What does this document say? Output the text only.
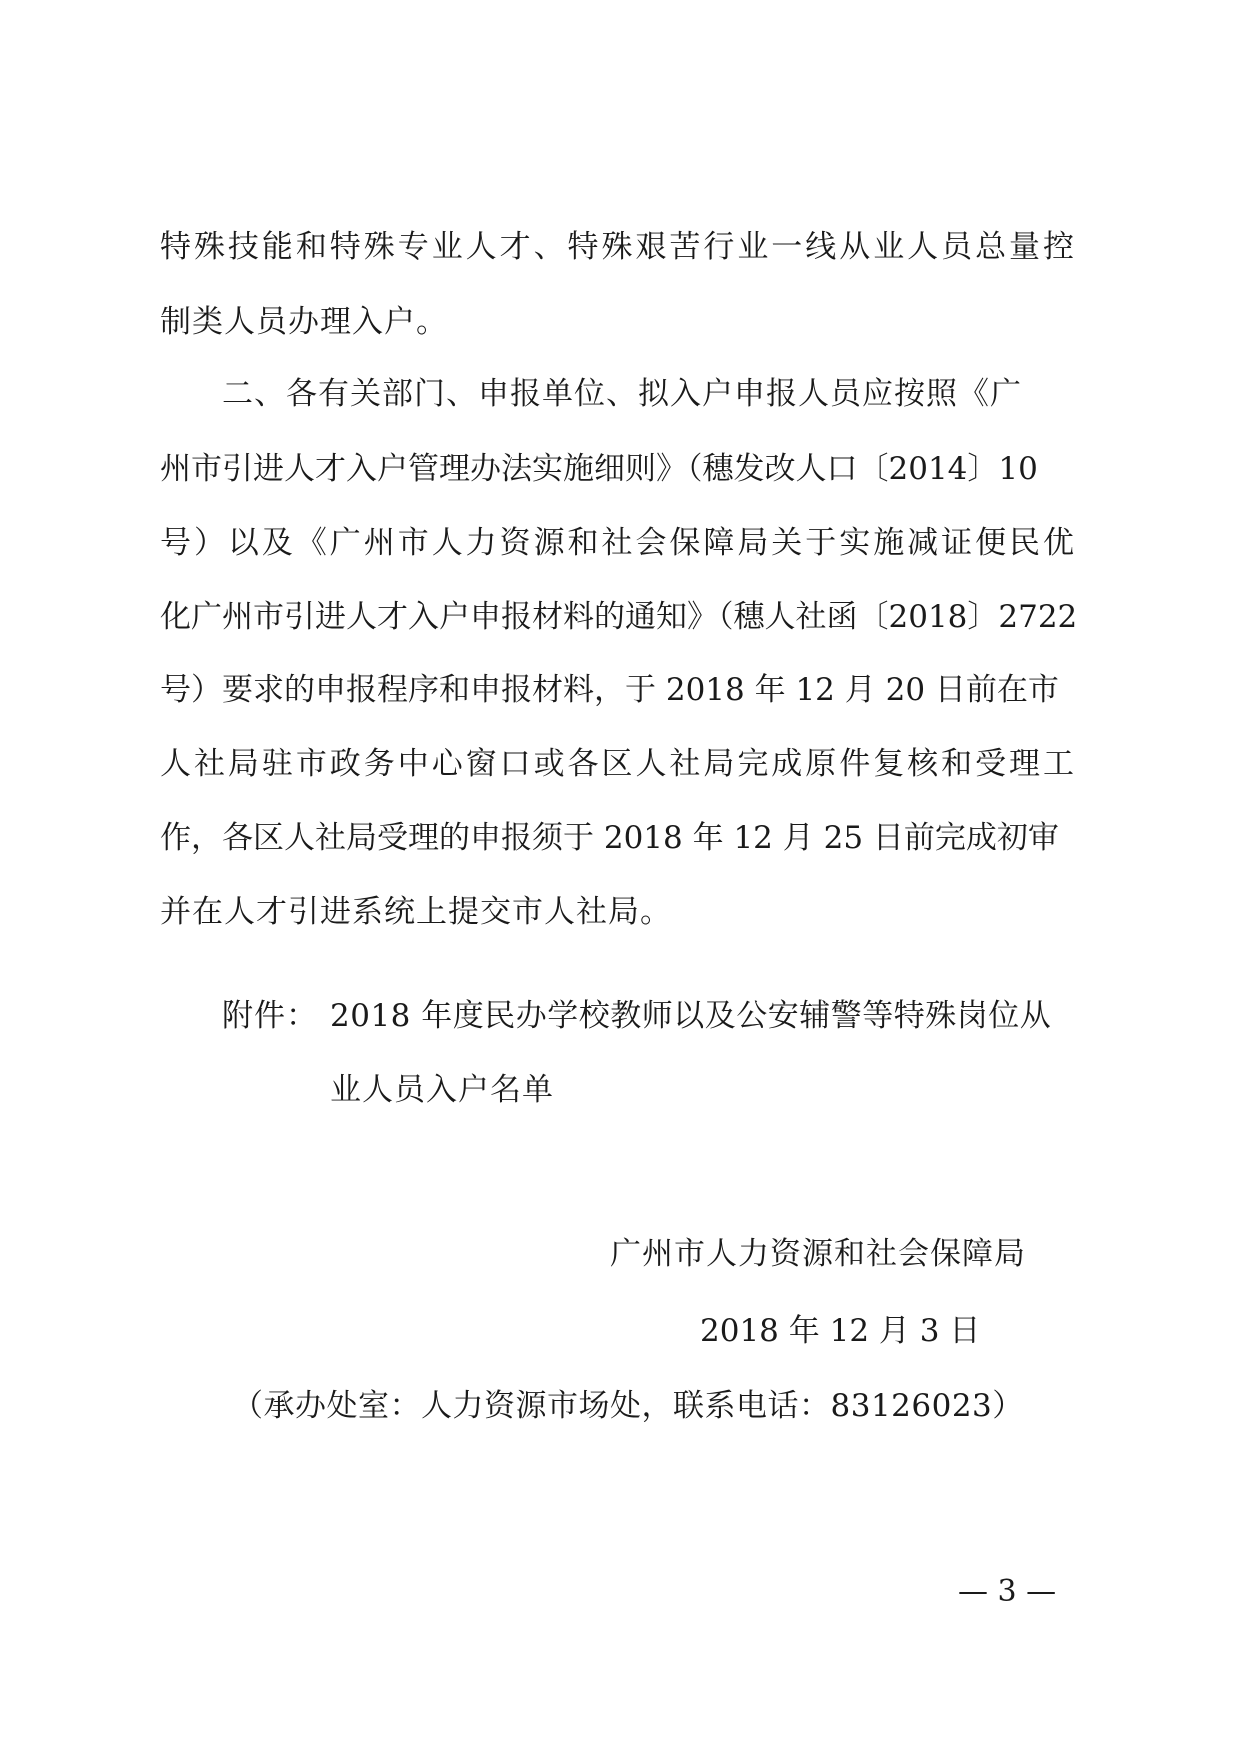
特殊技能和特殊专业人才、特殊艰苦行业一线从业人员总量控
制类人员办理入户。
二、各有关部门、申报单位、拟入户申报人员应按照《广
州市引进人才入户管理办法实施细则》（穗发改人口〔2014〕10
号）以及《广州市人力资源和社会保障局关于实施减证便民优
化广州市引进人才入户申报材料的通知》（穗人社函〔2018〕2722
号）要求的申报程序和申报材料，于 2018 年 12 月 20 日前在市
人社局驻市政务中心窗口或各区人社局完成原件复核和受理工
作，各区人社局受理的申报须于 2018 年 12 月 25 日前完成初审
并在人才引进系统上提交市人社局。
附件： 2018 年度民办学校教师以及公安辅警等特殊岗位从
业人员入户名单
广州市人力资源和社会保障局
2018 年 12 月 3 日
（承办处室：人力资源市场处，联系电话：83126023）
— 3 —
